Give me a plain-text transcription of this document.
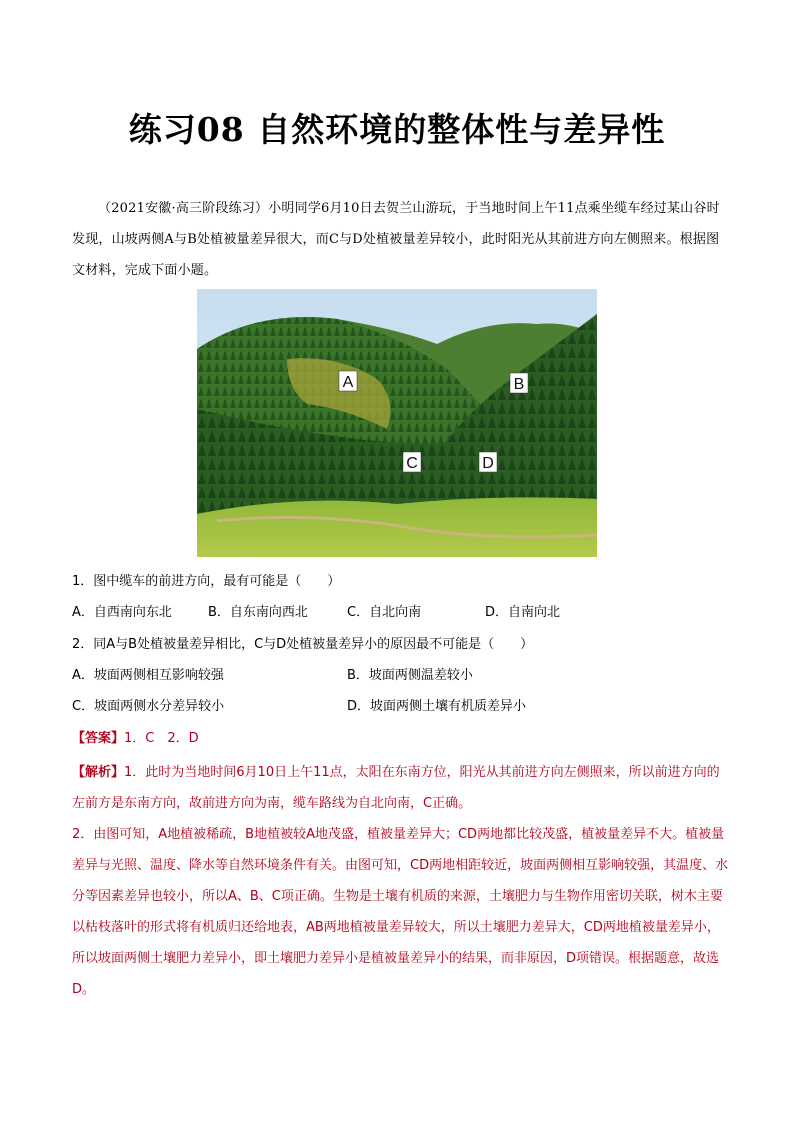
练习08 自然环境的整体性与差异性
（2021安徽·高三阶段练习）小明同学6月10日去贺兰山游玩，于当地时间上午11点乘坐缆车经过某山谷时发现，山坡两侧A与B处植被量差异很大，而C与D处植被量差异较小，此时阳光从其前进方向左侧照来。根据图文材料，完成下面小题。
A	B
C	D
1．图中缆车的前进方向，最有可能是（　　）
A．自西南向东北	B．自东南向西北	C．自北向南	D．自南向北
2．同A与B处植被量差异相比，C与D处植被量差异小的原因最不可能是（　　）
A．坡面两侧相互影响较强	B．坡面两侧温差较小
C．坡面两侧水分差异较小	D．坡面两侧土壤有机质差异小
【答案】1．C　2．D

【解析】1．此时为当地时间6月10日上午11点，太阳在东南方位，阳光从其前进方向左侧照来，所以前进方向的左前方是东南方向，故前进方向为南，缆车路线为自北向南，C正确。

2．由图可知，A地植被稀疏，B地植被较A地茂盛，植被量差异大；CD两地都比较茂盛，植被量差异不大。植被量差异与光照、温度、降水等自然环境条件有关。由图可知，CD两地相距较近，坡面两侧相互影响较强，其温度、水分等因素差异也较小，所以A、B、C项正确。生物是土壤有机质的来源，土壤肥力与生物作用密切关联，树木主要以枯枝落叶的形式将有机质归还给地表，AB两地植被量差异较大，所以土壤肥力差异大，CD两地植被量差异小，所以坡面两侧土壤肥力差异小，即土壤肥力差异小是植被量差异小的结果，而非原因，D项错误。根据题意，故选D。
